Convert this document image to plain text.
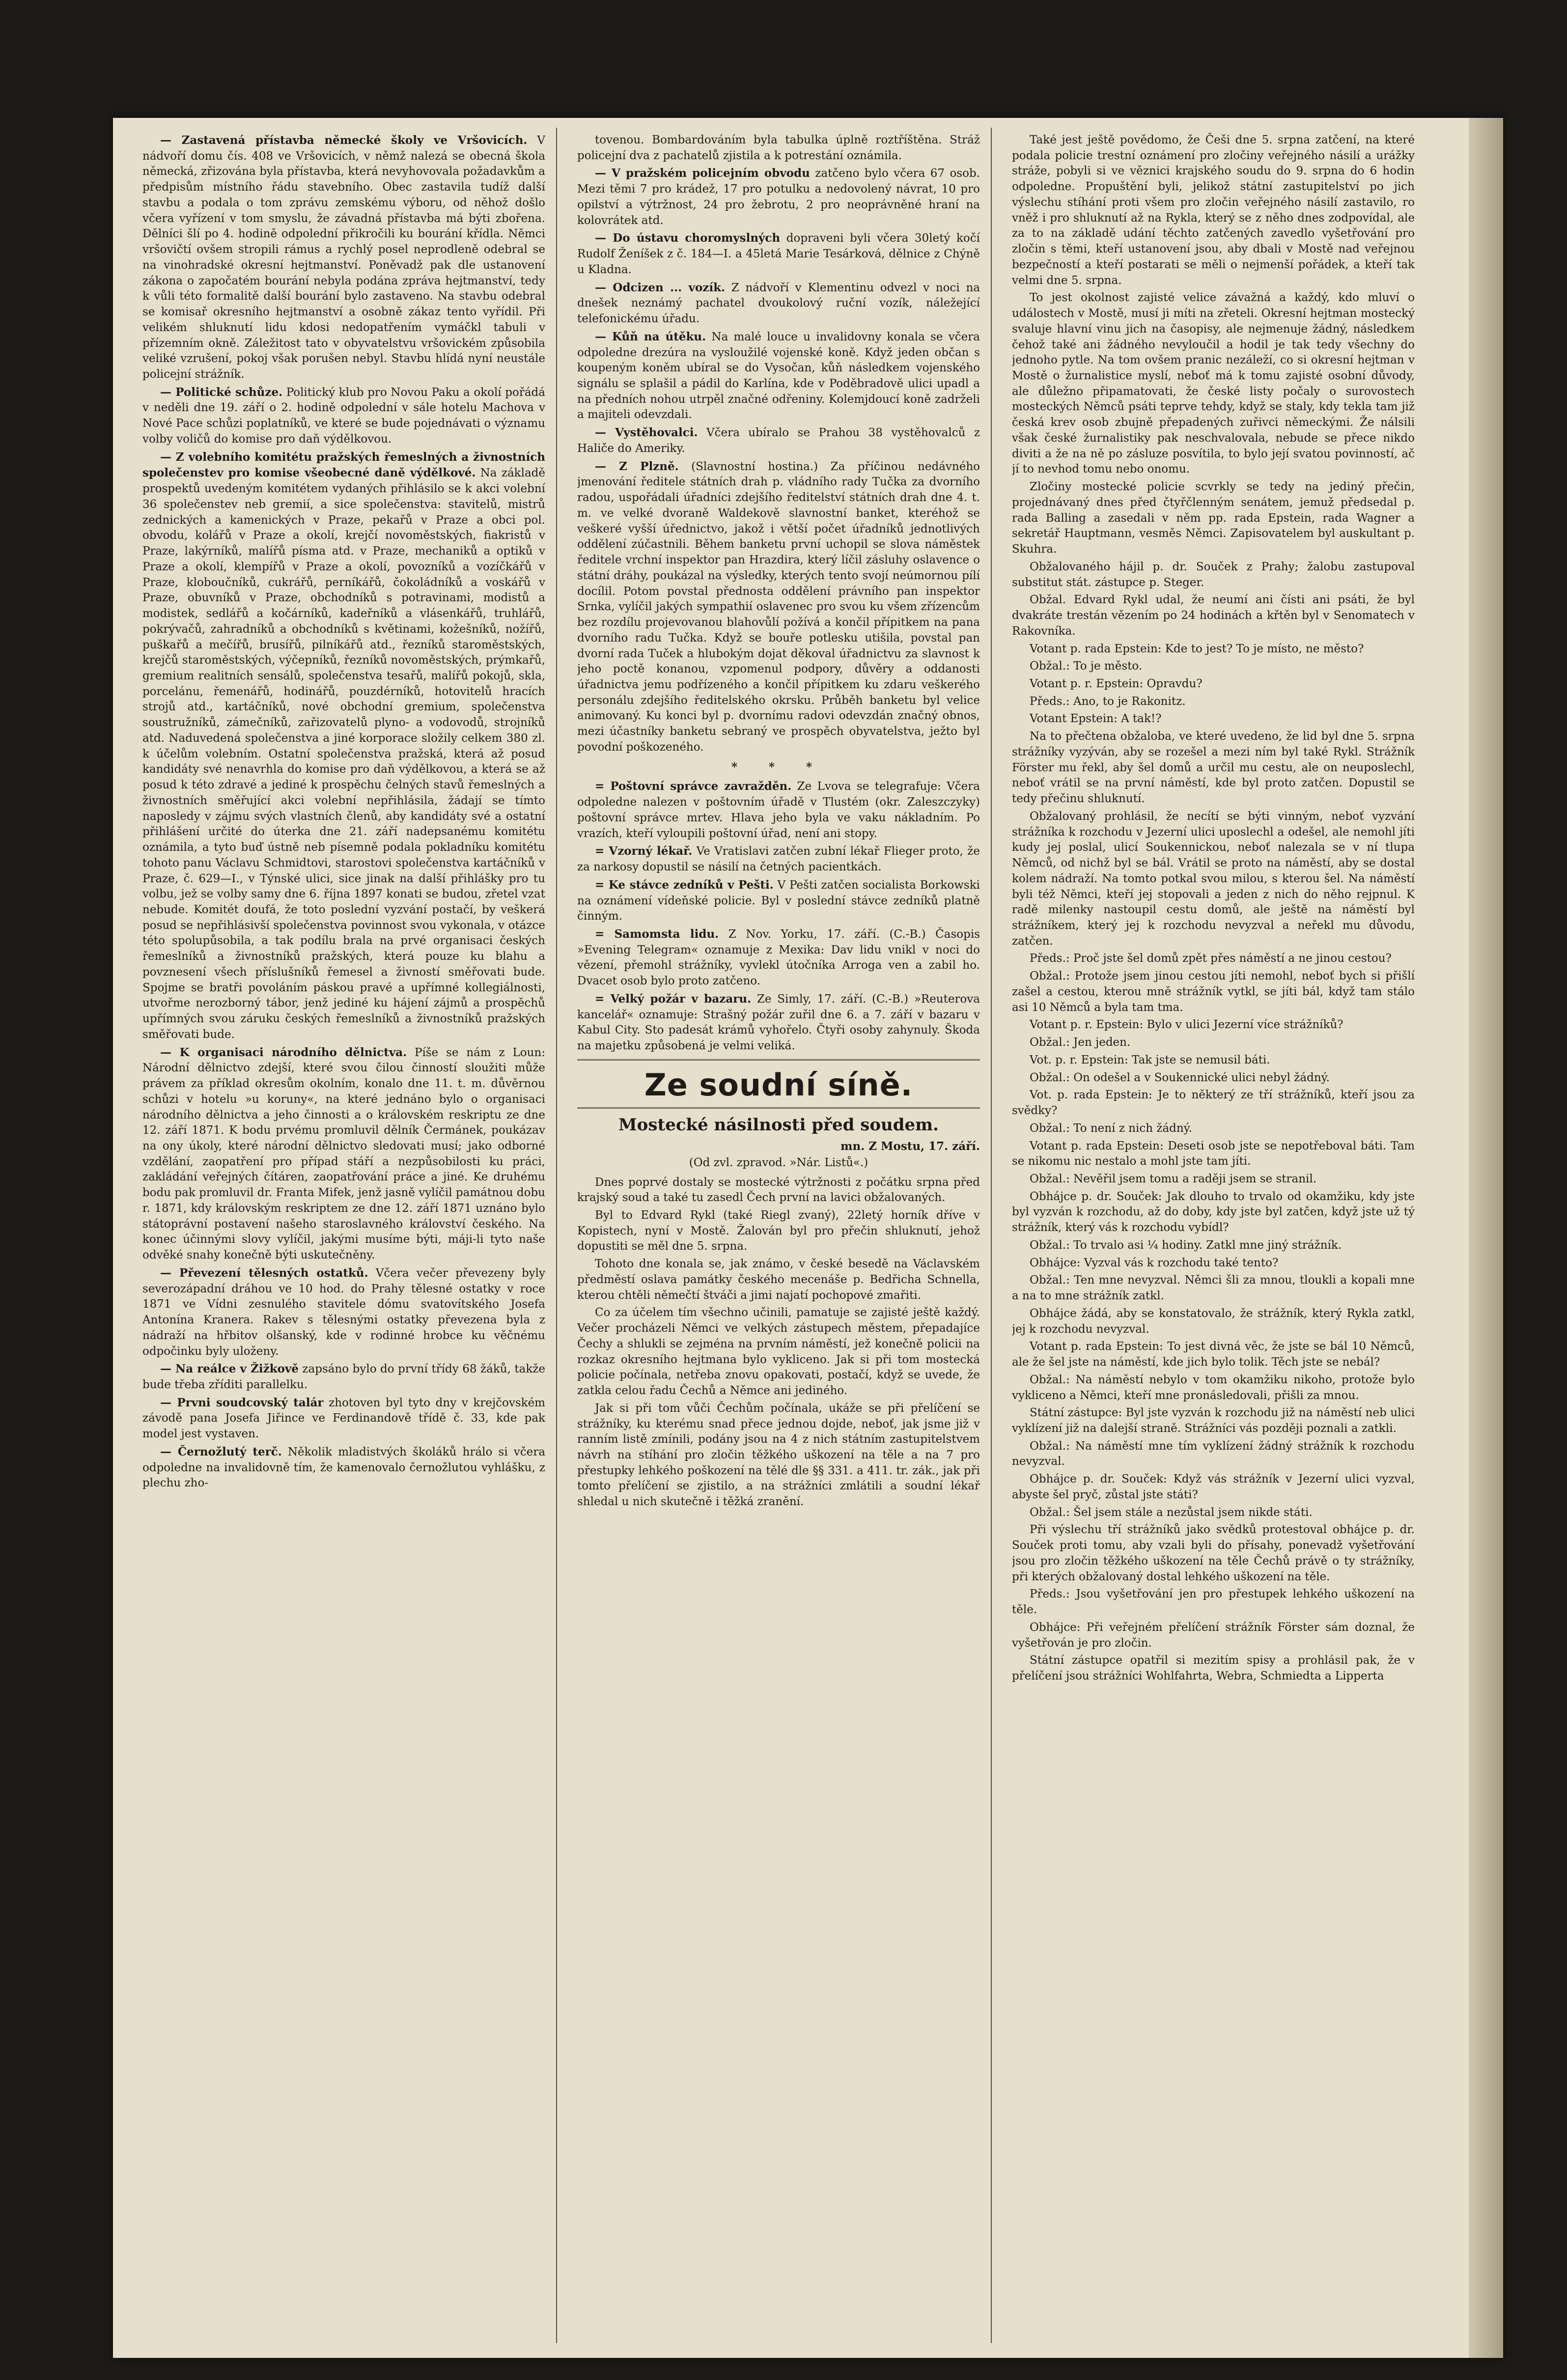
— Zastavená přístavba německé školy ve Vršovicích. V nádvoří domu čís. 408 ve Vršovicích, v němž nalezá se obecná škola německá, zřizována byla přístavba, která nevyhovovala požadavkům a předpisům místního řádu stavebního. Obec zastavila tudíž další stavbu a podala o tom zprávu zemskému výboru, od něhož došlo včera vyřízení v tom smyslu, že závadná přístavba má býti zbořena. Dělníci šlí po 4. hodině odpolední přikročili ku bourání křídla. Němci vršovičtí ovšem stropili rámus a rychlý posel neprodleně odebral se na vinohradské okresní hejtmanství. Poněvadž pak dle ustanovení zákona o započatém bourání nebyla podána zpráva hejtmanství, tedy k vůli této formalitě další bourání bylo zastaveno. Na stavbu odebral se komisař okresního hejtmanství a osobně zákaz tento vyřídil. Při velikém shluknutí lidu kdosi nedopatřením vymáčkl tabuli v přízemním okně. Záležitost tato v obyvatelstvu vršovickém způsobila veliké vzrušení, pokoj však porušen nebyl. Stavbu hlídá nyní neustále policejní strážník.

— Politické schůze. Politický klub pro Novou Paku a okolí pořádá v neděli dne 19. září o 2. hodině odpolední v sále hotelu Machova v Nové Pace schůzi poplatníků, ve které se bude pojednávati o významu volby voličů do komise pro daň výdělkovou.

— Z volebního komitétu pražských řemeslných a živnostních společenstev pro komise všeobecné daně výdělkové. Na základě prospektů uvedeným komitétem vydaných přihlásilo se k akci volební 36 společenstev neb gremií, a sice společenstva: stavitelů, mistrů zednických a kamenických v Praze, pekařů v Praze a obci pol. obvodu, kolářů v Praze a okolí, krejčí novoměstských, fiakristů v Praze, lakýrníků, malířů písma atd. v Praze, mechaniků a optiků v Praze a okolí, klempířů v Praze a okolí, povozníků a vozíčkářů v Praze, kloboučníků, cukrářů, perníkářů, čokoládníků a voskářů v Praze, obuvníků v Praze, obchodníků s potravinami, modistů a modistek, sedlářů a kočárníků, kadeřníků a vlásenkářů, truhlářů, pokrývačů, zahradníků a obchodníků s květinami, kožešníků, nožířů, puškařů a mečířů, brusířů, pilníkářů atd., řezníků staroměstských, krejčů staroměstských, výčepníků, řezníků novoměstských, prýmkařů, gremium realitních sensálů, společenstva tesařů, malířů pokojů, skla, porcelánu, řemenářů, hodinářů, pouzdérníků, hotovitelů hracích strojů atd., kartáčníků, nové obchodní gremium, společenstva soustružníků, zámečníků, zařizovatelů plyno- a vodovodů, strojníků atd. Naduvedená společenstva a jiné korporace složily celkem 380 zl. k účelům volebním. Ostatní společenstva pražská, která až posud kandidáty své nenavrhla do komise pro daň výdělkovou, a která se až posud k této zdravé a jediné k prospěchu čelných stavů řemeslných a živnostních směřující akci volební nepřihlásila, žádají se tímto naposledy v zájmu svých vlastních členů, aby kandidáty své a ostatní přihlášení určité do úterka dne 21. září nadepsanému komitétu oznámila, a tyto buď ústně neb písemně podala pokladníku komitétu tohoto panu Václavu Schmidtovi, starostovi společenstva kartáčníků v Praze, č. 629—I., v Týnské ulici, sice jinak na další přihlášky pro tu volbu, jež se volby samy dne 6. října 1897 konati se budou, zřetel vzat nebude. Komitét doufá, že toto poslední vyzvání postačí, by veškerá posud se nepřihlásivší společenstva povinnost svou vykonala, v otázce této spolupůsobila, a tak podílu brala na prvé organisaci českých řemeslníků a živnostníků pražských, která pouze ku blahu a povznesení všech příslušníků řemesel a živností směřovati bude. Spojme se bratři povoláním páskou pravé a upřímné kollegiálnosti, utvořme nerozborný tábor, jenž jediné ku hájení zájmů a prospěchů upřímných svou záruku českých řemeslníků a živnostníků pražských směřovati bude.

— K organisaci národního dělnictva. Píše se nám z Loun: Národní dělnictvo zdejší, které svou čilou činností sloužiti může právem za příklad okresům okolním, konalo dne 11. t. m. důvěrnou schůzi v hotelu »u koruny«, na které jednáno bylo o organisaci národního dělnictva a jeho činnosti a o královském reskriptu ze dne 12. září 1871. K bodu prvému promluvil dělník Čermánek, poukázav na ony úkoly, které národní dělnictvo sledovati musí; jako odborné vzdělání, zaopatření pro případ stáří a nezpůsobilosti ku práci, zakládání veřejných čítáren, zaopatřování práce a jiné. Ke druhému bodu pak promluvil dr. Franta Mifek, jenž jasně vylíčil památnou dobu r. 1871, kdy královským reskriptem ze dne 12. září 1871 uznáno bylo státoprávní postavení našeho staroslavného království českého. Na konec účinnými slovy vylíčil, jakými musíme býti, máji-li tyto naše odvěké snahy konečně býti uskutečněny.

— Převezení tělesných ostatků. Včera večer převezeny byly severozápadní dráhou ve 10 hod. do Prahy tělesné ostatky v roce 1871 ve Vídni zesnulého stavitele dómu svatovítského Josefa Antonína Kranera. Rakev s tělesnými ostatky převezena byla z nádraží na hřbitov olšanský, kde v rodinné hrobce ku věčnému odpočinku byly uloženy.

— Na reálce v Žižkově zapsáno bylo do první třídy 68 žáků, takže bude třeba zříditi parallelku.

— Prvni soudcovský talár zhotoven byl tyto dny v krejčovském závodě pana Josefa Jiřince ve Ferdinandově třídě č. 33, kde pak model jest vystaven.

— Černožlutý terč. Několik mladistvých školáků hrálo si včera odpoledne na invalidovně tím, že kamenovalo černožlutou vyhlášku, z plechu zho-

tovenou. Bombardováním byla tabulka úplně roztříštěna. Stráž policejní dva z pachatelů zjistila a k potrestání oznámila.

— V pražském policejním obvodu zatčeno bylo včera 67 osob. Mezi těmi 7 pro krádež, 17 pro potulku a nedovolený návrat, 10 pro opilství a výtržnost, 24 pro žebrotu, 2 pro neoprávněné hraní na kolovrátek atd.

— Do ústavu choromyslných dopraveni byli včera 30letý kočí Rudolf Ženíšek z č. 184—I. a 45letá Marie Tesárková, dělnice z Chýně u Kladna.

— Odcizen ... vozík. Z nádvoří v Klementinu odvezl v noci na dnešek neznámý pachatel dvoukolový ruční vozík, náležející telefonickému úřadu.

— Kůň na útěku. Na malé louce u invalidovny konala se včera odpoledne drezúra na vysloužilé vojenské koně. Když jeden občan s koupeným koněm ubíral se do Vysočan, kůň následkem vojenského signálu se splašil a pádil do Karlína, kde v Poděbradově ulici upadl a na předních nohou utrpěl značné odřeniny. Kolemjdoucí koně zadrželi a majiteli odevzdali.

— Vystěhovalci. Včera ubíralo se Prahou 38 vystěhovalců z Haliče do Ameriky.

— Z Plzně. (Slavnostní hostina.) Za příčinou nedávného jmenování ředitele státních drah p. vládního rady Tučka za dvorního radou, uspořádali úřadníci zdejšího ředitelství státních drah dne 4. t. m. ve velké dvoraně Waldekově slavnostní banket, kteréhož se veškeré vyšší úřednictvo, jakož i větší počet úřadníků jednotlivých oddělení zúčastnili. Během banketu první uchopil se slova náměstek ředitele vrchní inspektor pan Hrazdira, který líčil zásluhy oslavence o státní dráhy, poukázal na výsledky, kterých tento svojí neúmornou pílí docílil. Potom povstal přednosta oddělení právního pan inspektor Srnka, vylíčil jakých sympathií oslavenec pro svou ku všem zřízencům bez rozdílu projevovanou blahovůlí požívá a končil přípitkem na pana dvorního radu Tučka. Když se bouře potlesku utišila, povstal pan dvorní rada Tuček a hlubokým dojat děkoval úřadnictvu za slavnost k jeho poctě konanou, vzpomenul podpory, důvěry a oddanosti úřadnictva jemu podřízeného a končil přípitkem ku zdaru veškerého personálu zdejšího ředitelského okrsku. Průběh banketu byl velice animovaný. Ku konci byl p. dvornímu radovi odevzdán značný obnos, mezi účastníky banketu sebraný ve prospěch obyvatelstva, ježto byl povodní poškozeného.

* * *

= Poštovní správce zavražděn. Ze Lvova se telegrafuje: Včera odpoledne nalezen v poštovním úřadě v Tlustém (okr. Zaleszczyky) poštovní správce mrtev. Hlava jeho byla ve vaku nákladním. Po vrazích, kteří vyloupili poštovní úřad, není ani stopy.

= Vzorný lékař. Ve Vratislavi zatčen zubní lékař Flieger proto, že za narkosy dopustil se násilí na četných pacientkách.

= Ke stávce zedníků v Pešti. V Pešti zatčen socialista Borkowski na oznámení vídeňské policie. Byl v poslední stávce zedníků platně činným.

= Samomsta lidu. Z Nov. Yorku, 17. září. (C.-B.) Časopis »Evening Telegram« oznamuje z Mexika: Dav lidu vnikl v noci do vězení, přemohl strážníky, vyvlekl útočníka Arroga ven a zabil ho. Dvacet osob bylo proto zatčeno.

= Velký požár v bazaru. Ze Simly, 17. září. (C.-B.) »Reuterova kancelář« oznamuje: Strašný požár zuřil dne 6. a 7. září v bazaru v Kabul City. Sto padesát krámů vyhořelo. Čtyři osoby zahynuly. Škoda na majetku způsobená je velmi veliká.

Ze soudní síně.
Mostecké násilnosti před soudem.
mn. Z Mostu, 17. září.
(Od zvl. zpravod. »Nár. Listů«.)

Dnes poprvé dostaly se mostecké výtržnosti z počátku srpna před krajský soud a také tu zasedl Čech první na lavici obžalovaných.

Byl to Edvard Rykl (také Riegl zvaný), 22letý horník dříve v Kopistech, nyní v Mostě. Žalován byl pro přečin shluknutí, jehož dopustiti se měl dne 5. srpna.

Tohoto dne konala se, jak známo, v české besedě na Václavském předměstí oslava památky českého mecenáše p. Bedřicha Schnella, kterou chtěli němečtí štváči a jimi najatí pochopové zmařiti.

Co za účelem tím všechno učinili, pamatuje se zajisté ještě každý. Večer procházeli Němci ve velkých zástupech městem, přepadajíce Čechy a shlukli se zejména na prvním náměstí, jež konečně policii na rozkaz okresního hejtmana bylo vykliceno. Jak si při tom mostecká policie počínala, netřeba znovu opakovati, postačí, když se uvede, že zatkla celou řadu Čechů a Němce ani jediného.

Jak si při tom vůči Čechům počínala, ukáže se při přelíčení se strážníky, ku kterému snad přece jednou dojde, neboť, jak jsme již v ranním listě zmínili, podány jsou na 4 z nich státním zastupitelstvem návrh na stíhání pro zločin těžkého uškození na těle a na 7 pro přestupky lehkého poškození na tělé dle §§ 331. a 411. tr. zák., jak při tomto přelíčení se zjistilo, a na strážníci zmlátili a soudní lékař shledal u nich skutečně i těžká zranění.

Také jest ještě povědomo, že Češi dne 5. srpna zatčení, na které podala policie trestní oznámení pro zločiny veřejného násilí a urážky stráže, pobyli si ve věznici krajského soudu do 9. srpna do 6 hodin odpoledne. Propuštění byli, jelikož státní zastupitelství po jich výslechu stíhání proti všem pro zločin veřejného násilí zastavilo, ro vněž i pro shluknutí až na Rykla, který se z něho dnes zodpovídal, ale za to na základě udání těchto zatčených zavedlo vyšetřování pro zločin s těmi, kteří ustanovení jsou, aby dbali v Mostě nad veřejnou bezpečností a kteří postarati se měli o nejmenší pořádek, a kteří tak velmi dne 5. srpna.

To jest okolnost zajisté velice závažná a každý, kdo mluví o událostech v Mostě, musí ji míti na zřeteli. Okresní hejtman mostecký svaluje hlavní vinu jich na časopisy, ale nejmenuje žádný, následkem čehož také ani žádného nevyloučil a hodil je tak tedy všechny do jednoho pytle. Na tom ovšem pranic nezáleží, co si okresní hejtman v Mostě o žurnalistice myslí, neboť má k tomu zajisté osobní důvody, ale důležno připamatovati, že české listy počaly o surovostech mosteckých Němců psáti teprve tehdy, když se staly, kdy tekla tam již česká krev osob zbujně přepadených zuřivci německými. Že nálsili však české žurnalistiky pak neschvalovala, nebude se přece nikdo diviti a že na ně po zásluze posvítila, to bylo její svatou povinností, ač jí to nevhod tomu nebo onomu.

Zločiny mostecké policie scvrkly se tedy na jediný přečin, projednávaný dnes před čtyřčlenným senátem, jemuž předsedal p. rada Balling a zasedali v něm pp. rada Epstein, rada Wagner a sekretář Hauptmann, vesměs Němci. Zapisovatelem byl auskultant p. Skuhra.

Obžalovaného hájil p. dr. Souček z Prahy; žalobu zastupoval substitut stát. zástupce p. Steger.

Obžal. Edvard Rykl udal, že neumí ani čísti ani psáti, že byl dvakráte trestán vězením po 24 hodinách a křtěn byl v Senomatech v Rakovníka.

Votant p. rada Epstein: Kde to jest? To je místo, ne město?

Obžal.: To je město.

Votant p. r. Epstein: Opravdu?

Předs.: Ano, to je Rakonitz.

Votant Epstein: A tak!?

Na to přečtena obžaloba, ve které uvedeno, že lid byl dne 5. srpna strážníky vyzýván, aby se rozešel a mezi ním byl také Rykl. Strážník Förster mu řekl, aby šel domů a určil mu cestu, ale on neuposlechl, neboť vrátil se na první náměstí, kde byl proto zatčen. Dopustil se tedy přečinu shluknutí.

Obžalovaný prohlásil, že necítí se býti vinným, neboť vyzvání strážníka k rozchodu v Jezerní ulici uposlechl a odešel, ale nemohl jíti kudy jej poslal, ulicí Soukennickou, neboť nalezala se v ní tlupa Němců, od nichž byl se bál. Vrátil se proto na náměstí, aby se dostal kolem nádraží. Na tomto potkal svou milou, s kterou šel. Na náměstí byli též Němci, kteří jej stopovali a jeden z nich do něho rejpnul. K radě milenky nastoupil cestu domů, ale ještě na náměstí byl strážníkem, který jej k rozchodu nevyzval a neřekl mu důvodu, zatčen.

Předs.: Proč jste šel domů zpět přes náměstí a ne jinou cestou?

Obžal.: Protože jsem jinou cestou jíti nemohl, neboť bych si přišlí zašel a cestou, kterou mně strážník vytkl, se jíti bál, když tam stálo asi 10 Němců a byla tam tma.

Votant p. r. Epstein: Bylo v ulici Jezerní více strážníků?

Obžal.: Jen jeden.

Vot. p. r. Epstein: Tak jste se nemusil báti.

Obžal.: On odešel a v Soukennické ulici nebyl žádný.

Vot. p. rada Epstein: Je to některý ze tří strážníků, kteří jsou za svědky?

Obžal.: To není z nich žádný.

Votant p. rada Epstein: Deseti osob jste se nepotřeboval báti. Tam se nikomu nic nestalo a mohl jste tam jíti.

Obžal.: Nevěřil jsem tomu a raději jsem se stranil.

Obhájce p. dr. Souček: Jak dlouho to trvalo od okamžiku, kdy jste byl vyzván k rozchodu, až do doby, kdy jste byl zatčen, když jste už tý strážník, který vás k rozchodu vybídl?

Obžal.: To trvalo asi ¼ hodiny. Zatkl mne jiný strážník.

Obhájce: Vyzval vás k rozchodu také tento?

Obžal.: Ten mne nevyzval. Němci šli za mnou, tloukli a kopali mne a na to mne strážník zatkl.

Obhájce žádá, aby se konstatovalo, že strážník, který Rykla zatkl, jej k rozchodu nevyzval.

Votant p. rada Epstein: To jest divná věc, že jste se bál 10 Němců, ale že šel jste na náměstí, kde jich bylo tolik. Těch jste se nebál?

Obžal.: Na náměstí nebylo v tom okamžiku nikoho, protože bylo vykliceno a Němci, kteří mne pronásledovali, přišli za mnou.

Státní zástupce: Byl jste vyzván k rozchodu již na náměstí neb ulici vyklízení již na dalejší straně. Strážníci vás později poznali a zatkli.

Obžal.: Na náměstí mne tím vyklízení žádný strážník k rozchodu nevyzval.

Obhájce p. dr. Souček: Když vás strážník v Jezerní ulici vyzval, abyste šel pryč, zůstal jste státi?

Obžal.: Šel jsem stále a nezůstal jsem nikde státi.

Při výslechu tří strážníků jako svědků protestoval obhájce p. dr. Souček proti tomu, aby vzali byli do přísahy, ponevadž vyšetřování jsou pro zločin těžkého uškození na těle Čechů právě o ty strážníky, při kterých obžalovaný dostal lehkého uškození na těle.

Předs.: Jsou vyšetřování jen pro přestupek lehkého uškození na těle.

Obhájce: Při veřejném přelíčení strážník Förster sám doznal, že vyšetřován je pro zločin.

Státní zástupce opatřil si mezitím spisy a prohlásil pak, že v přelíčení jsou strážníci Wohlfahrta, Webra, Schmiedta a Lipperta
